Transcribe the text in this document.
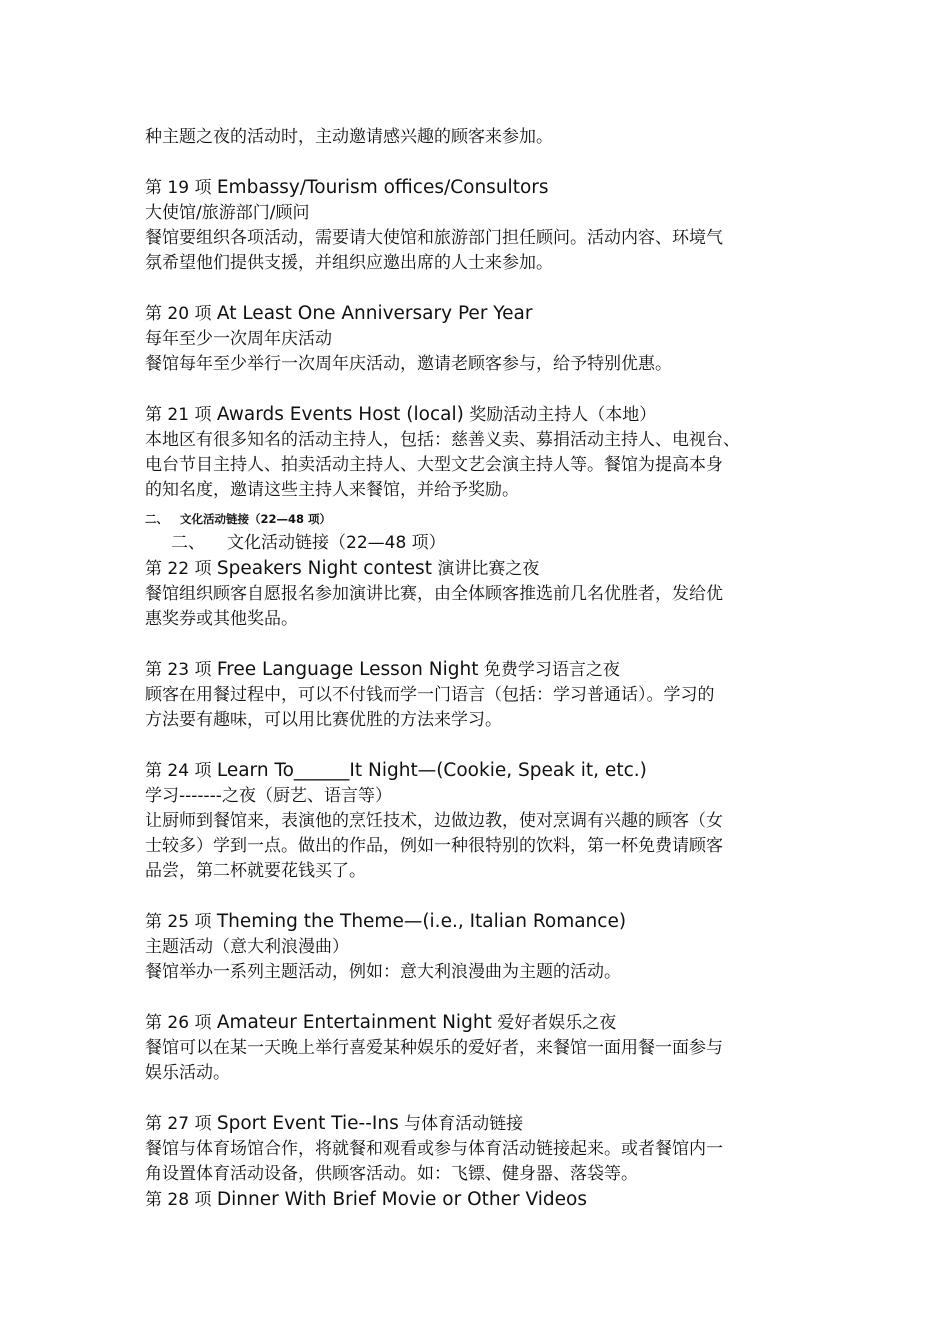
种主题之夜的活动时，主动邀请感兴趣的顾客来参加。
第 19 项 Embassy/Tourism offices/Consultors
大使馆/旅游部门/顾问
餐馆要组织各项活动，需要请大使馆和旅游部门担任顾问。活动内容、环境气
氛希望他们提供支援，并组织应邀出席的人士来参加。
第 20 项 At Least One Anniversary Per Year
每年至少一次周年庆活动
餐馆每年至少举行一次周年庆活动，邀请老顾客参与，给予特别优惠。
第 21 项 Awards Events Host (local) 奖励活动主持人（本地）
本地区有很多知名的活动主持人，包括：慈善义卖、募捐活动主持人、电视台、
电台节目主持人、拍卖活动主持人、大型文艺会演主持人等。餐馆为提高本身
的知名度，邀请这些主持人来餐馆，并给予奖励。
二、 文化活动链接（22—48 项）
二、 文化活动链接（22—48 项）
第 22 项 Speakers Night contest 演讲比赛之夜
餐馆组织顾客自愿报名参加演讲比赛，由全体顾客推选前几名优胜者，发给优
惠奖券或其他奖品。
第 23 项 Free Language Lesson Night 免费学习语言之夜
顾客在用餐过程中，可以不付钱而学一门语言（包括：学习普通话）。学习的
方法要有趣味，可以用比赛优胜的方法来学习。
第 24 项 Learn To______It Night—(Cookie, Speak it, etc.)
学习-------之夜（厨艺、语言等）
让厨师到餐馆来，表演他的烹饪技术，边做边教，使对烹调有兴趣的顾客（女
士较多）学到一点。做出的作品，例如一种很特别的饮料，第一杯免费请顾客
品尝，第二杯就要花钱买了。
第 25 项 Theming the Theme—(i.e., Italian Romance)
主题活动（意大利浪漫曲）
餐馆举办一系列主题活动，例如：意大利浪漫曲为主题的活动。
第 26 项 Amateur Entertainment Night 爱好者娱乐之夜
餐馆可以在某一天晚上举行喜爱某种娱乐的爱好者，来餐馆一面用餐一面参与
娱乐活动。
第 27 项 Sport Event Tie--Ins 与体育活动链接
餐馆与体育场馆合作，将就餐和观看或参与体育活动链接起来。或者餐馆内一
角设置体育活动设备，供顾客活动。如：飞镖、健身器、落袋等。
第 28 项 Dinner With Brief Movie or Other Videos
